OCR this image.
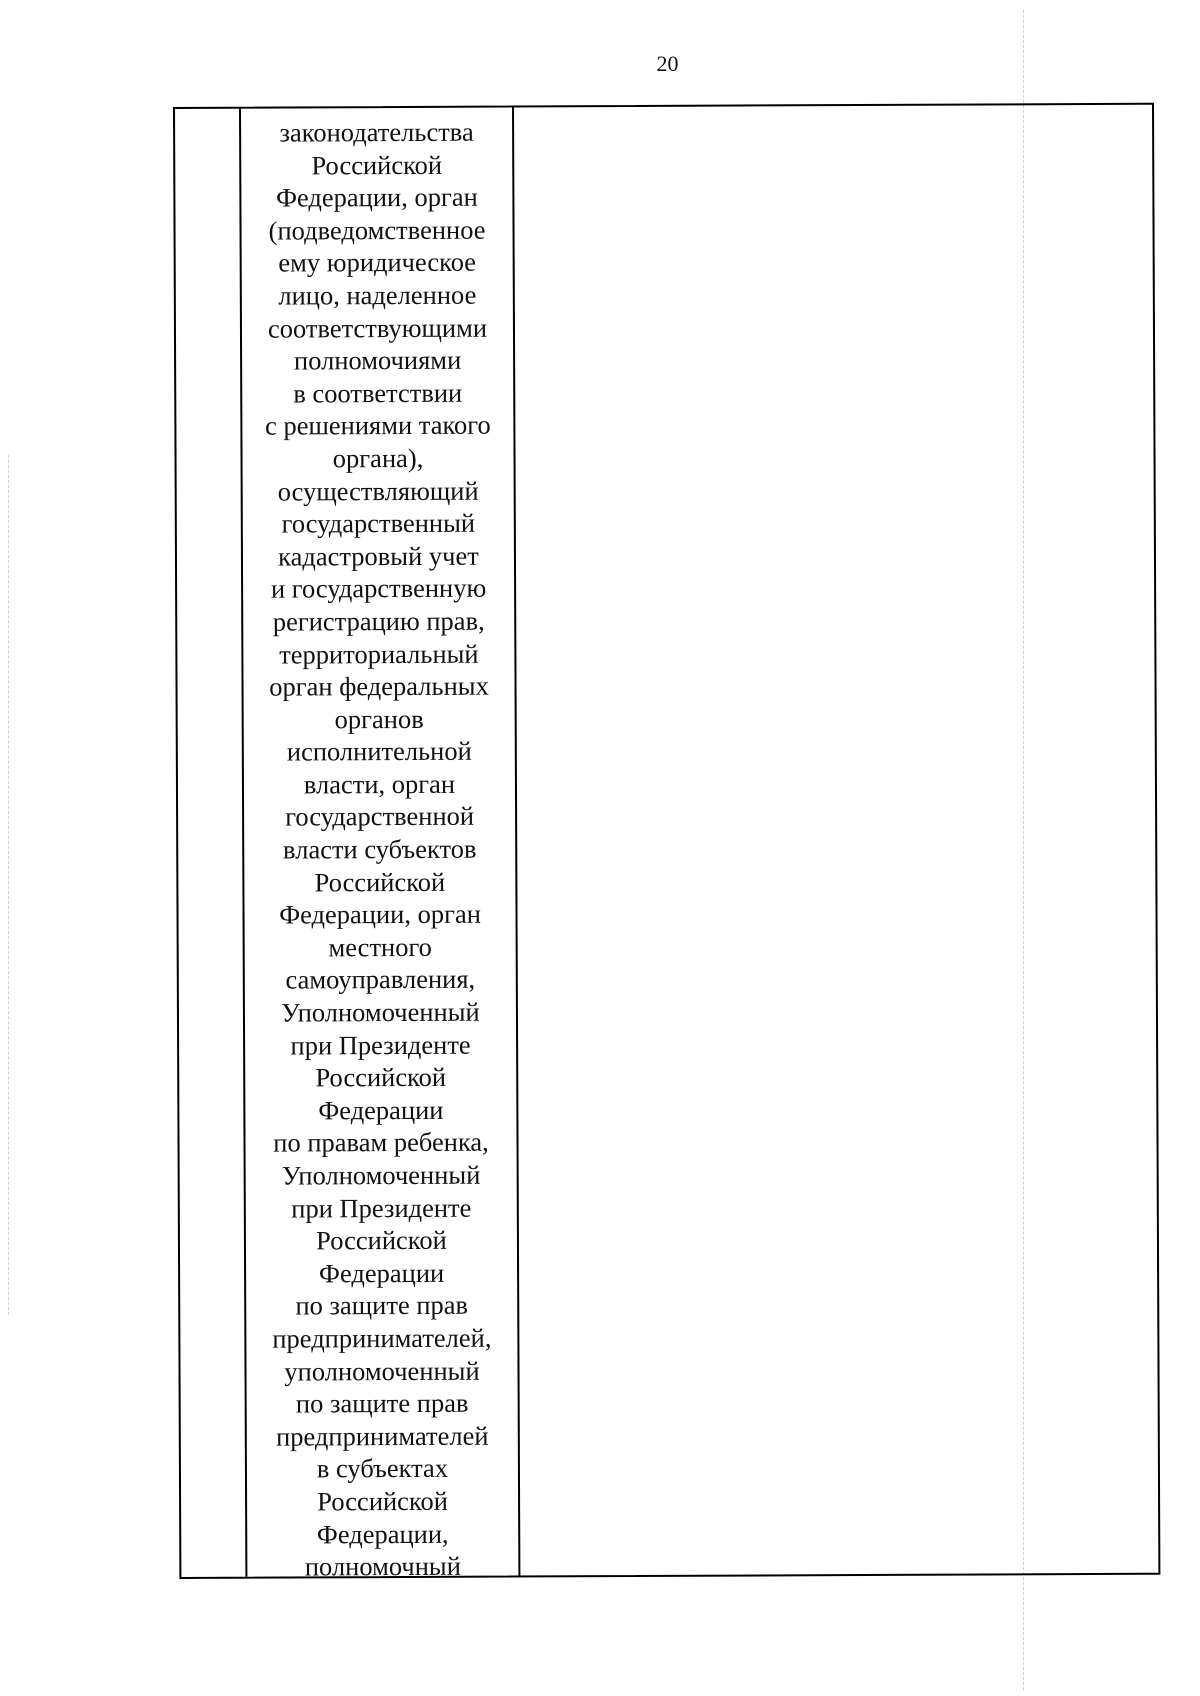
20
законодательства
Российской
Федерации, орган
(подведомственное
ему юридическое
лицо, наделенное
соответствующими
полномочиями
в соответствии
с решениями такого
органа),
осуществляющий
государственный
кадастровый учет
и государственную
регистрацию прав,
территориальный
орган федеральных
органов
исполнительной
власти, орган
государственной
власти субъектов
Российской
Федерации, орган
местного
самоуправления,
Уполномоченный
при Президенте
Российской
Федерации
по правам ребенка,
Уполномоченный
при Президенте
Российской
Федерации
по защите прав
предпринимателей,
уполномоченный
по защите прав
предпринимателей
в субъектах
Российской
Федерации,
полномочный
